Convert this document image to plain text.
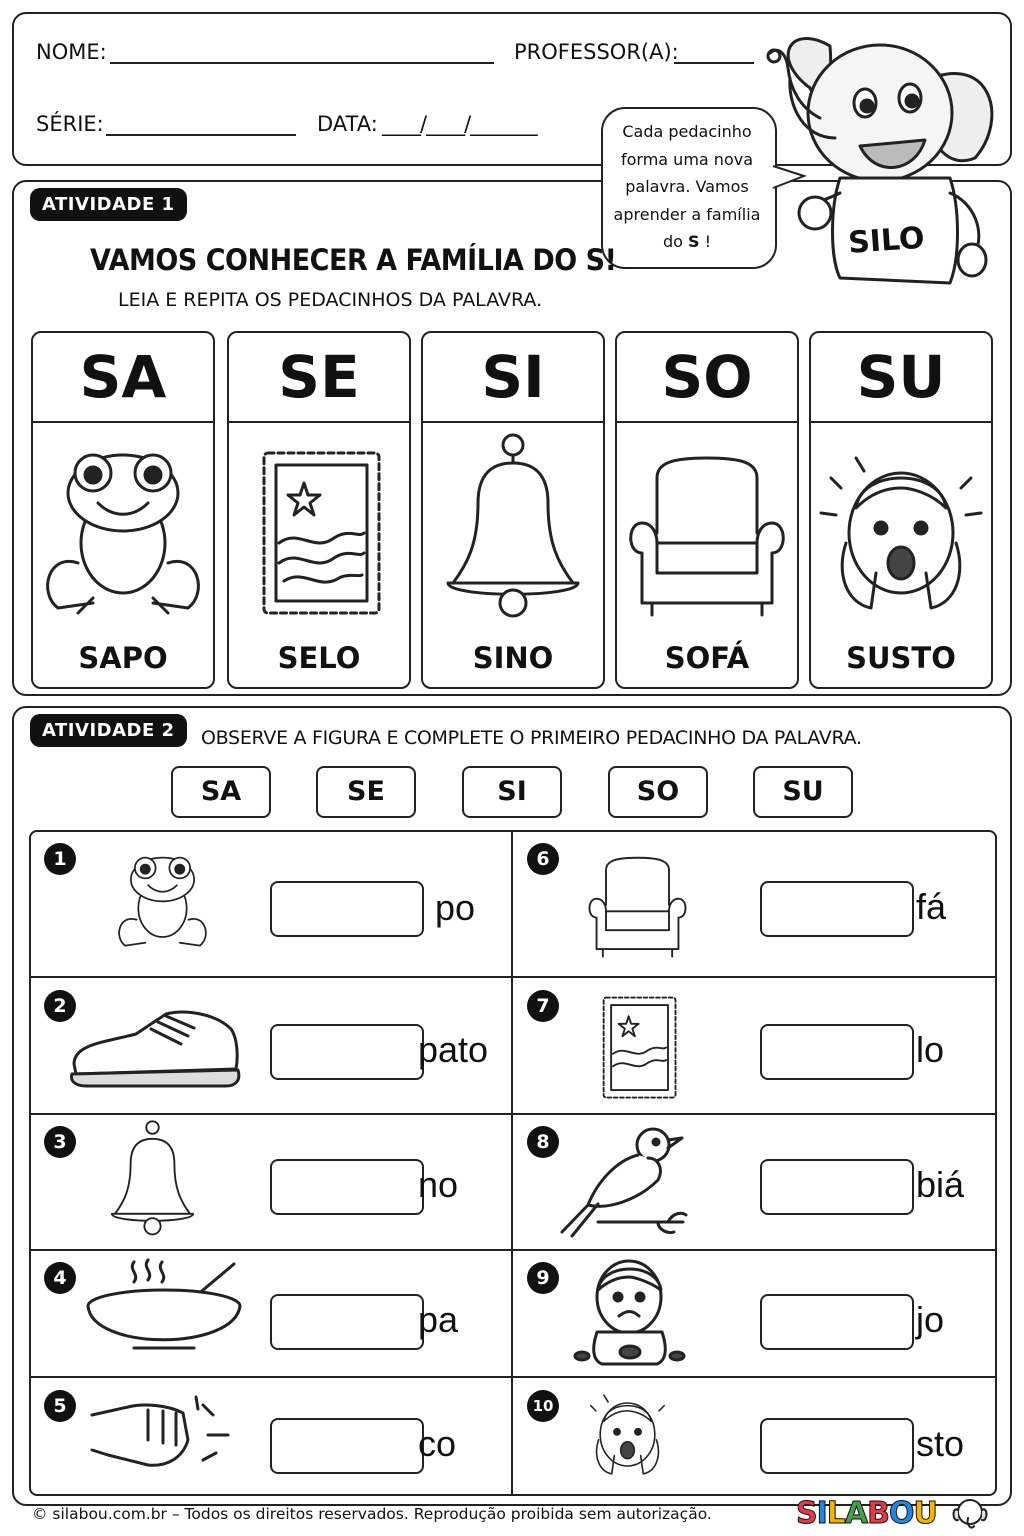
NOME:	PROFESSOR(A):
SÉRIE:	DATA: ____/____/_______	Cada pedacinho forma uma nova palavra. Vamos aprender a família do S !	SILO
ATIVIDADE 1
VAMOS CONHECER A FAMÍLIA DO S!
LEIA E REPITA OS PEDACINHOS DA PALAVRA.
SA
SAPO
SE
SELO
SI
SINO
SO
SOFÁ
SU
SUSTO
ATIVIDADE 2	OBSERVE A FIGURA E COMPLETE O PRIMEIRO PEDACINHO DA PALAVRA.
SA	SE	SI	SO	SU
1
po
2
pato
3
no
4
pa
5
co
6
fá
7
lo
8
biá
9
jo
10
sto
© silabou.com.br – Todos os direitos reservados. Reprodução proibida sem autorização.	SILABOU
